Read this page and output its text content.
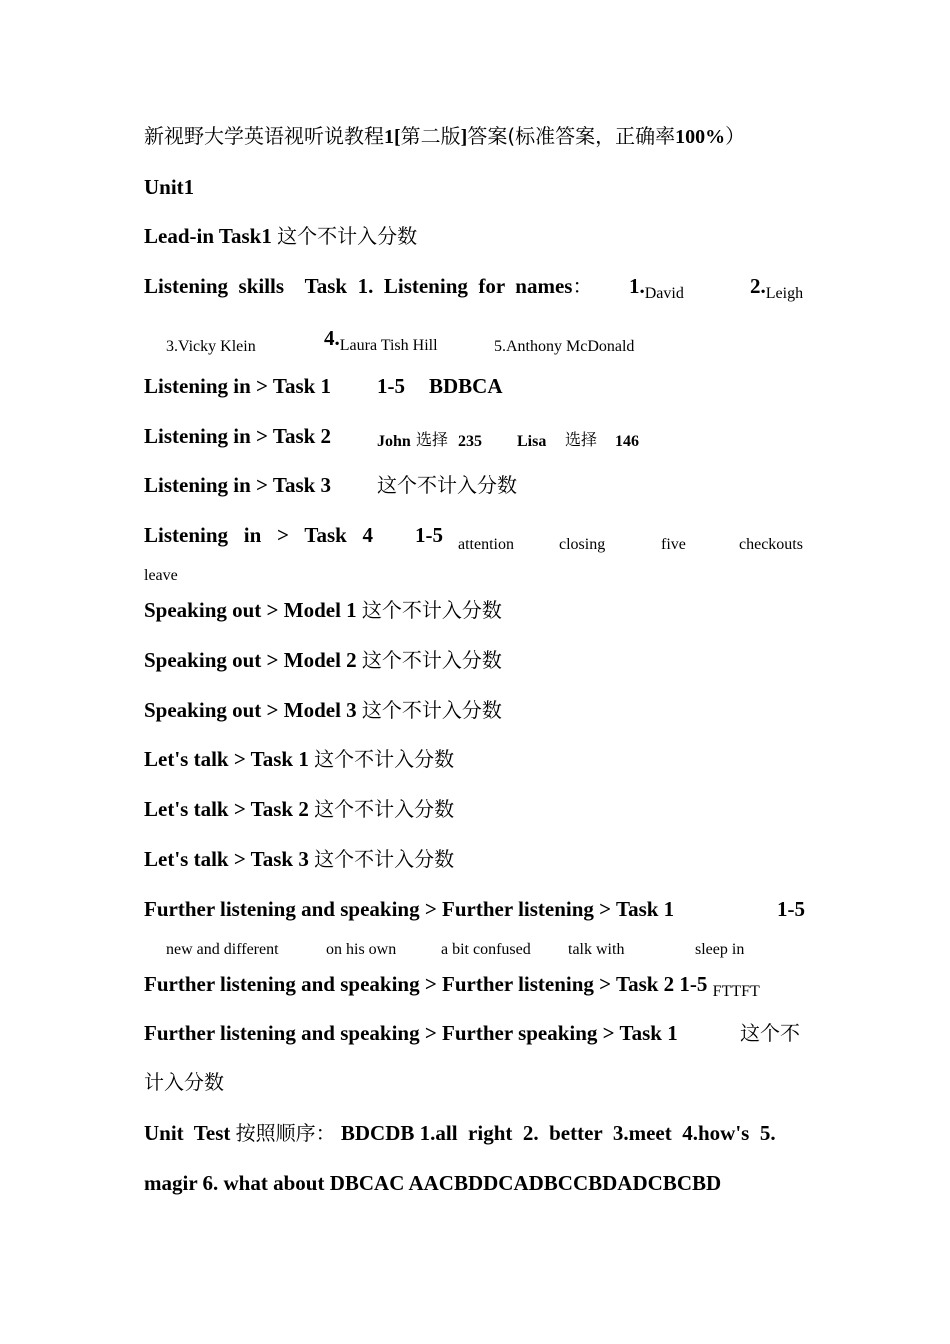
新视野大学英语视听说教程1[第二版]答案(标准答案，正确率100%）
Unit1
Lead-in Task1 这个不计入分数
Listening  skills    Task  1.  Listening  for  names： $1._{David}$	$2._{Leigh}$
3.Vicky Klein	$4._{Laura Tish Hill}$	5.Anthony McDonald
Listening in > Task 1 1-5 BDBCA
Listening in > Task 2	John 选择 235 Lisa 选择 146
Listening in > Task 3 这个不计入分数
Listening   in   >   Task   4 1-5 attention	closing	five	checkouts
leave
Speaking out > Model 1 这个不计入分数
Speaking out > Model 2 这个不计入分数
Speaking out > Model 3 这个不计入分数
Let's talk > Task 1 这个不计入分数
Let's talk > Task 2 这个不计入分数
Let's talk > Task 3 这个不计入分数
Further listening and speaking > Further listening > Task 1	1-5
new and different	on his own	a bit confused talk with	sleep in
Further listening and speaking > Further listening > Task 2 1-5 $_{FTTFT}$
Further listening and speaking > Further speaking > Task 1	这个不
计入分数
Unit  Test 按照顺序： BDCDB 1.all  right  2.  better  3.meet  4.how's  5.
magir 6. what about DBCAC AACBDDCADBCCBDADCBCBD
